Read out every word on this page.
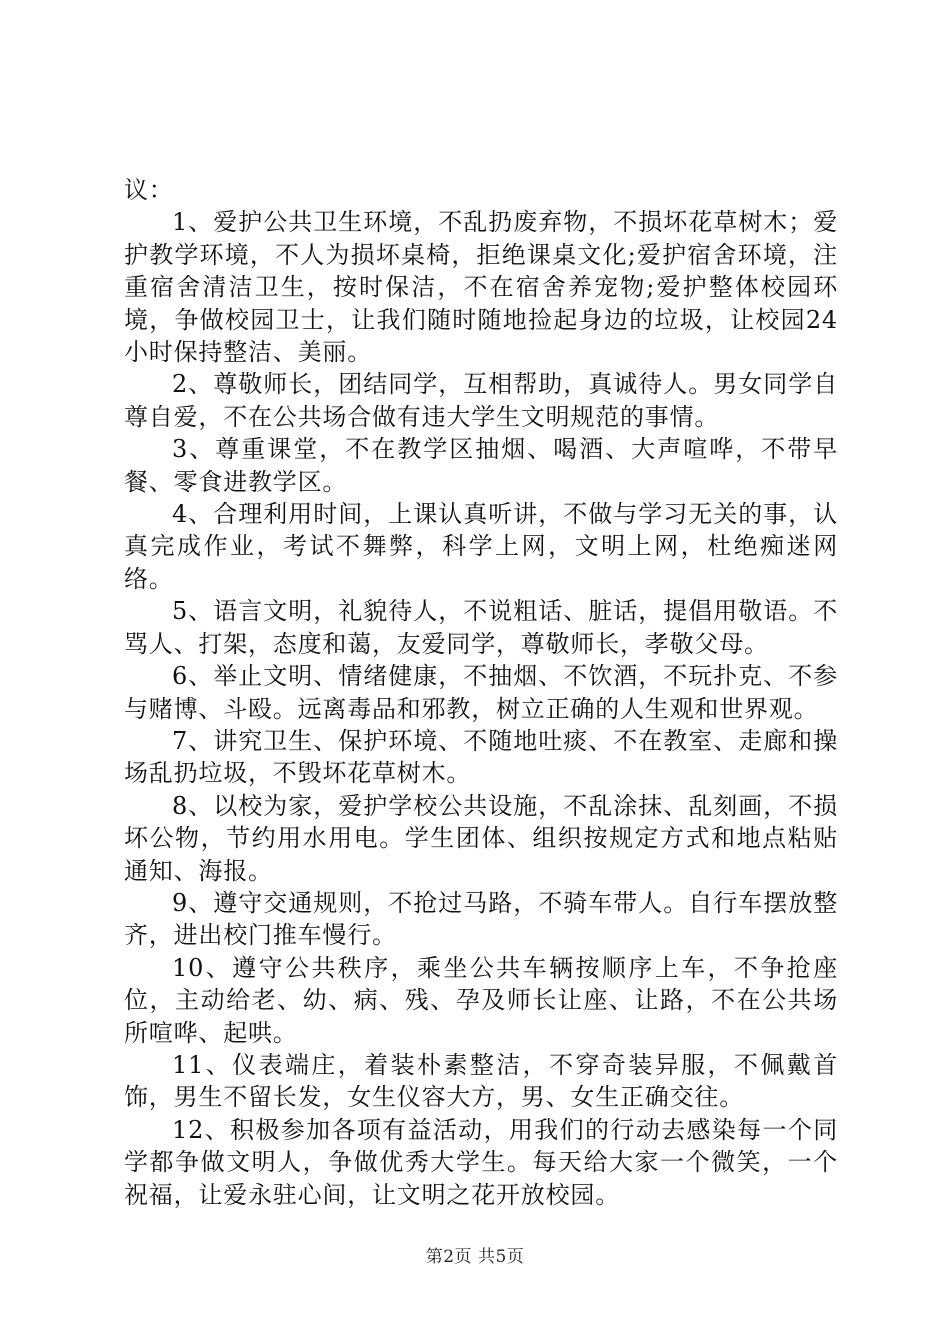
议：

1、爱护公共卫生环境，不乱扔废弃物，不损坏花草树木；爱护教学环境，不人为损坏桌椅，拒绝课桌文化;爱护宿舍环境，注重宿舍清洁卫生，按时保洁，不在宿舍养宠物;爱护整体校园环境，争做校园卫士，让我们随时随地捡起身边的垃圾，让校园24小时保持整洁、美丽。

2、尊敬师长，团结同学，互相帮助，真诚待人。男女同学自尊自爱，不在公共场合做有违大学生文明规范的事情。

3、尊重课堂，不在教学区抽烟、喝酒、大声喧哗，不带早餐、零食进教学区。

4、合理利用时间，上课认真听讲，不做与学习无关的事，认真完成作业，考试不舞弊，科学上网，文明上网，杜绝痴迷网络。

5、语言文明，礼貌待人，不说粗话、脏话，提倡用敬语。不骂人、打架，态度和蔼，友爱同学，尊敬师长，孝敬父母。

6、举止文明、情绪健康，不抽烟、不饮酒，不玩扑克、不参与赌博、斗殴。远离毒品和邪教，树立正确的人生观和世界观。

7、讲究卫生、保护环境、不随地吐痰、不在教室、走廊和操场乱扔垃圾，不毁坏花草树木。

8、以校为家，爱护学校公共设施，不乱涂抹、乱刻画，不损坏公物，节约用水用电。学生团体、组织按规定方式和地点粘贴通知、海报。

9、遵守交通规则，不抢过马路，不骑车带人。自行车摆放整齐，进出校门推车慢行。

10、遵守公共秩序，乘坐公共车辆按顺序上车，不争抢座位，主动给老、幼、病、残、孕及师长让座、让路，不在公共场所喧哗、起哄。

11、仪表端庄，着装朴素整洁，不穿奇装异服，不佩戴首饰，男生不留长发，女生仪容大方，男、女生正确交往。

12、积极参加各项有益活动，用我们的行动去感染每一个同学都争做文明人，争做优秀大学生。每天给大家一个微笑，一个祝福，让爱永驻心间，让文明之花开放校园。

第2页 共5页
